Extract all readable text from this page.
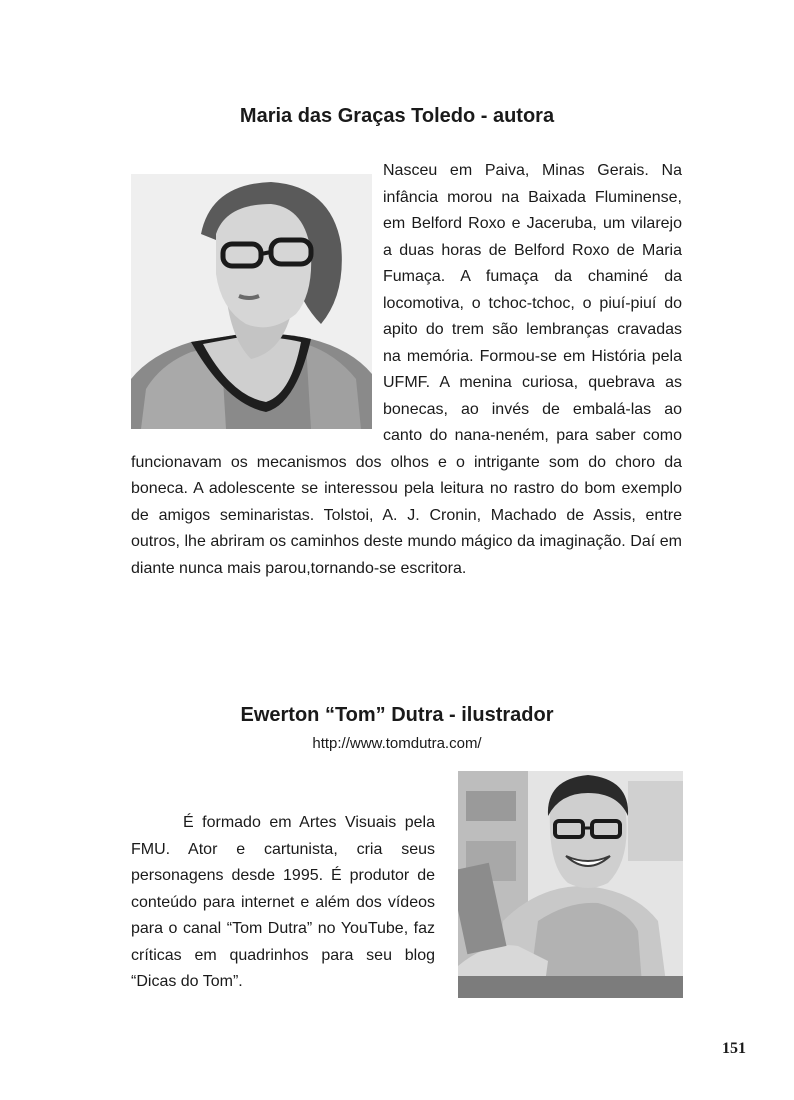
Maria das Graças Toledo - autora

Nasceu em Paiva, Minas Gerais. Na infância morou na Baixada Fluminense, em Belford Roxo e Jaceruba, um vilarejo a duas horas de Belford Roxo de Maria Fumaça. A fumaça da chaminé da locomotiva, o tchoc-tchoc, o piuí-piuí do apito do trem são lembranças cravadas na memória. Formou-se em História pela UFMF. A menina curiosa, quebrava as bonecas, ao invés de embalá-las ao canto do nana-neném, para saber como funcionavam os mecanismos dos olhos e o intrigante som do choro da boneca. A adolescente se interessou pela leitura no rastro do bom exemplo de amigos seminaristas. Tolstoi, A. J. Cronin, Machado de Assis, entre outros, lhe abriram os caminhos deste mundo mágico da imaginação. Daí em diante nunca mais parou,tornando-se escritora.

Ewerton “Tom” Dutra - ilustrador
http://www.tomdutra.com/

É formado em Artes Visuais pela FMU. Ator e cartunista, cria seus personagens desde 1995. É produtor de conteúdo para internet e além dos vídeos para o canal “Tom Dutra” no YouTube, faz críticas em quadrinhos para seu blog “Dicas do Tom”.

151
